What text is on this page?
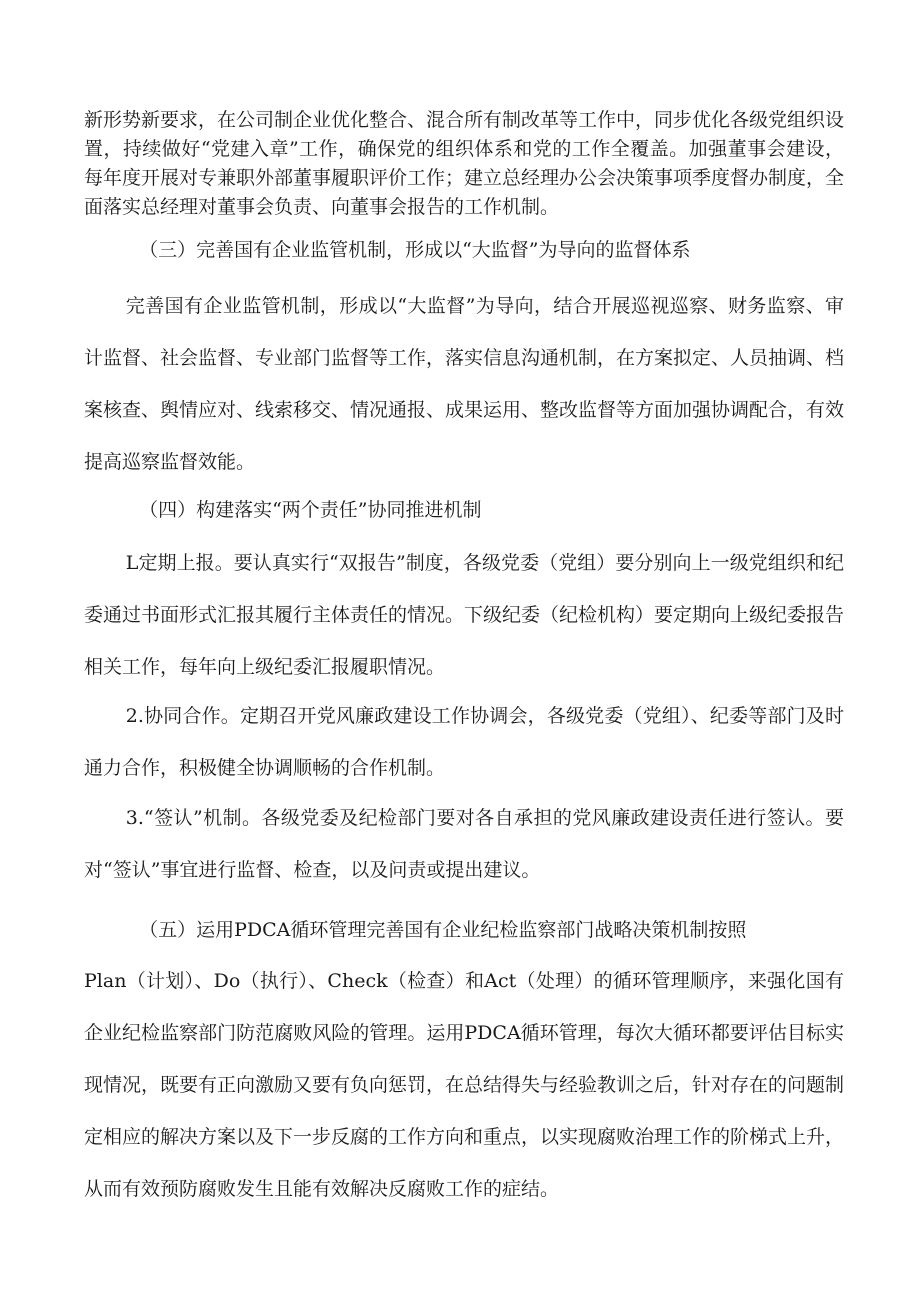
新形势新要求，在公司制企业优化整合、混合所有制改革等工作中，同步优化各级党组织设置，持续做好“党建入章”工作，确保党的组织体系和党的工作全覆盖。加强董事会建设，每年度开展对专兼职外部董事履职评价工作；建立总经理办公会决策事项季度督办制度，全面落实总经理对董事会负责、向董事会报告的工作机制。

（三）完善国有企业监管机制，形成以“大监督”为导向的监督体系

完善国有企业监管机制，形成以“大监督”为导向，结合开展巡视巡察、财务监察、审计监督、社会监督、专业部门监督等工作，落实信息沟通机制，在方案拟定、人员抽调、档案核查、舆情应对、线索移交、情况通报、成果运用、整改监督等方面加强协调配合，有效提高巡察监督效能。

（四）构建落实“两个责任”协同推进机制

L定期上报。要认真实行“双报告”制度，各级党委（党组）要分别向上一级党组织和纪委通过书面形式汇报其履行主体责任的情况。下级纪委（纪检机构）要定期向上级纪委报告相关工作，每年向上级纪委汇报履职情况。

2.协同合作。定期召开党风廉政建设工作协调会，各级党委（党组）、纪委等部门及时通力合作，积极健全协调顺畅的合作机制。

3.“签认”机制。各级党委及纪检部门要对各自承担的党风廉政建设责任进行签认。要对“签认”事宜进行监督、检查，以及问责或提出建议。

（五）运用PDCA循环管理完善国有企业纪检监察部门战略决策机制按照

Plan（计划）、Do（执行）、Check（检查）和Act（处理）的循环管理顺序，来强化国有企业纪检监察部门防范腐败风险的管理。运用PDCA循环管理，每次大循环都要评估目标实现情况，既要有正向激励又要有负向惩罚，在总结得失与经验教训之后，针对存在的问题制定相应的解决方案以及下一步反腐的工作方向和重点，以实现腐败治理工作的阶梯式上升，从而有效预防腐败发生且能有效解决反腐败工作的症结。
